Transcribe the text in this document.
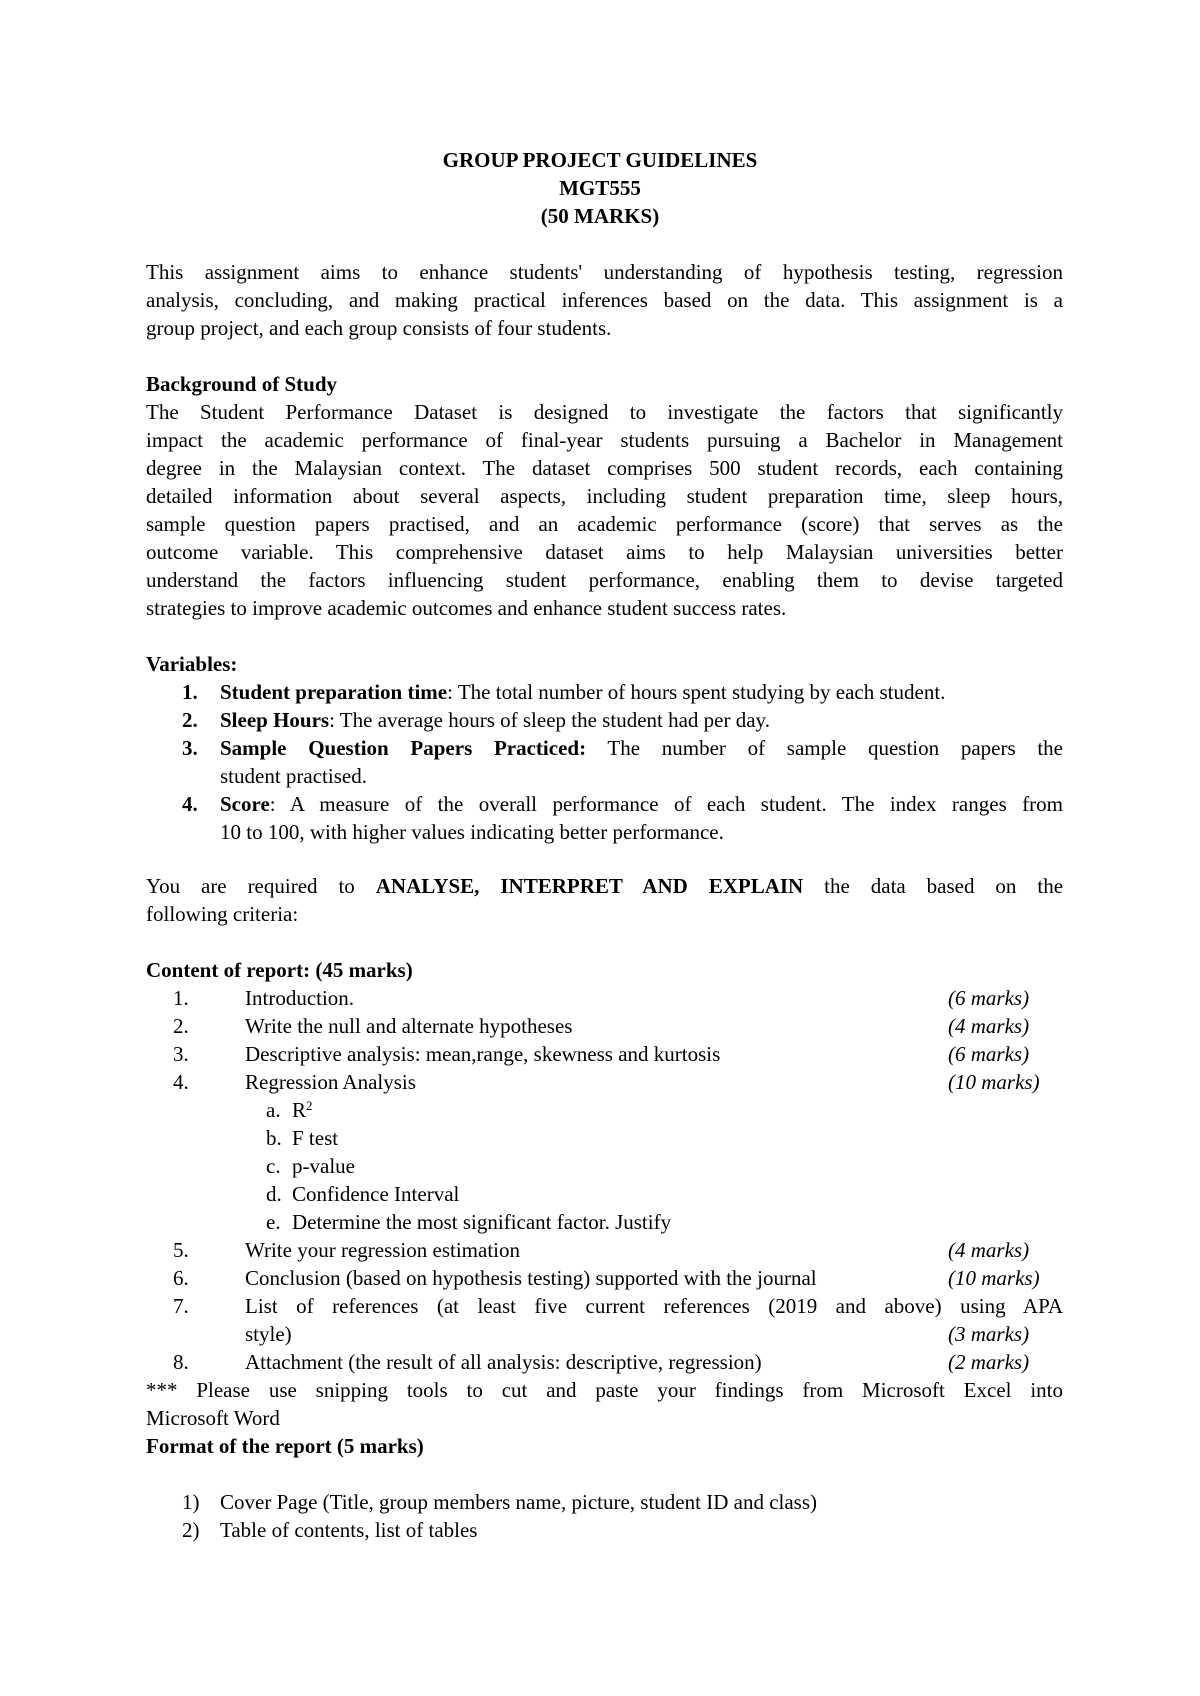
GROUP PROJECT GUIDELINES
MGT555
(50 MARKS)
This assignment aims to enhance students' understanding of hypothesis testing, regression
analysis, concluding, and making practical inferences based on the data. This assignment is a
group project, and each group consists of four students.
Background of Study
The Student Performance Dataset is designed to investigate the factors that significantly
impact the academic performance of final-year students pursuing a Bachelor in Management
degree in the Malaysian context. The dataset comprises 500 student records, each containing
detailed information about several aspects, including student preparation time, sleep hours,
sample question papers practised, and an academic performance (score) that serves as the
outcome variable. This comprehensive dataset aims to help Malaysian universities better
understand the factors influencing student performance, enabling them to devise targeted
strategies to improve academic outcomes and enhance student success rates.
Variables:
1. Student preparation time: The total number of hours spent studying by each student.
2. Sleep Hours: The average hours of sleep the student had per day.
3. Sample Question Papers Practiced: The number of sample question papers the
student practised.
4. Score: A measure of the overall performance of each student. The index ranges from
10 to 100, with higher values indicating better performance.
You are required to ANALYSE, INTERPRET AND EXPLAIN the data based on the
following criteria:
Content of report: (45 marks)
1.	Introduction.	(6 marks)
2.	Write the null and alternate hypotheses	(4 marks)
3.	Descriptive analysis: mean,range, skewness and kurtosis	(6 marks)
4.	Regression Analysis	(10 marks)
a. $R^2$
b. F test
c. p-value
d. Confidence Interval
e. Determine the most significant factor. Justify
5.	Write your regression estimation	(4 marks)
6.	Conclusion (based on hypothesis testing) supported with the journal	(10 marks)
7.	List of references (at least five current references (2019 and above) using APA
style)	(3 marks)
8.	Attachment (the result of all analysis: descriptive, regression)	(2 marks)
*** Please use snipping tools to cut and paste your findings from Microsoft Excel into
Microsoft Word
Format of the report (5 marks)
1) Cover Page (Title, group members name, picture, student ID and class)
2) Table of contents, list of tables
